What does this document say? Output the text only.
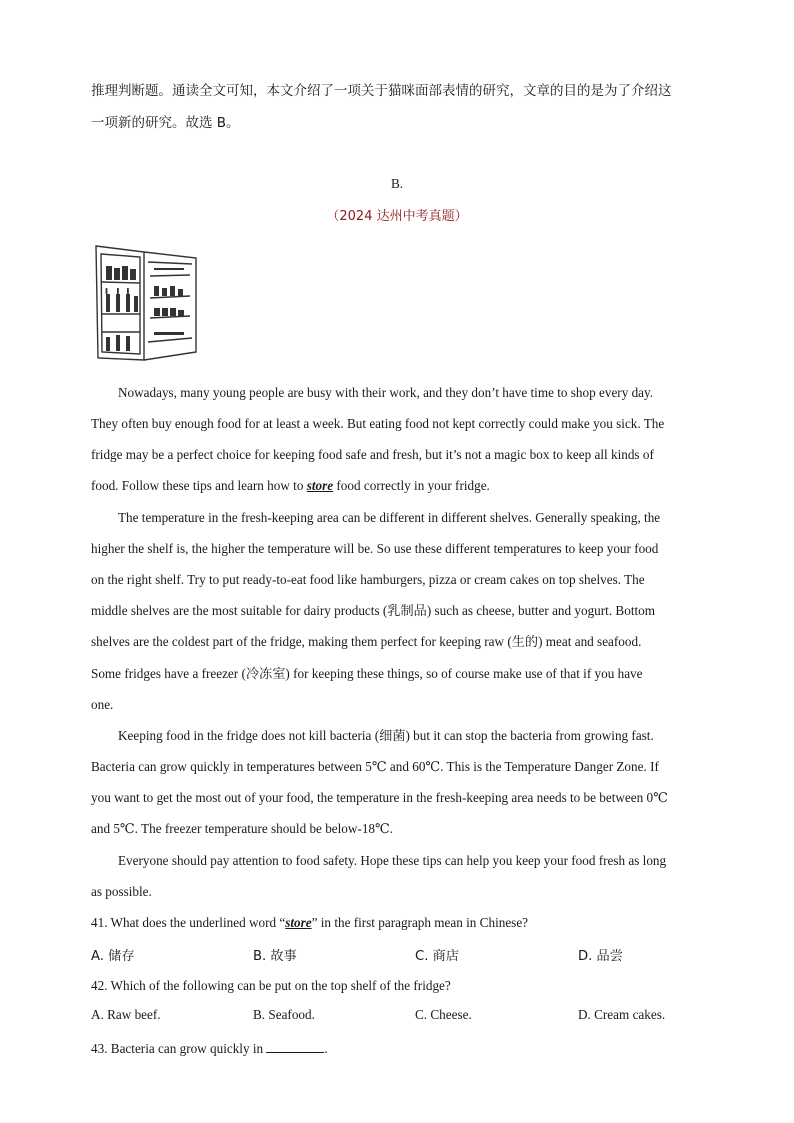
推理判断题。通读全文可知，本文介绍了一项关于猫咪面部表情的研究，文章的目的是为了介绍这
一项新的研究。故选 B。
B.
（2024 达州中考真题）
Nowadays, many young people are busy with their work, and they don’t have time to shop every day.
They often buy enough food for at least a week. But eating food not kept correctly could make you sick. The
fridge may be a perfect choice for keeping food safe and fresh, but it’s not a magic box to keep all kinds of
food. Follow these tips and learn how to store food correctly in your fridge.
The temperature in the fresh-keeping area can be different in different shelves. Generally speaking, the
higher the shelf is, the higher the temperature will be. So use these different temperatures to keep your food
on the right shelf. Try to put ready-to-eat food like hamburgers, pizza or cream cakes on top shelves. The
middle shelves are the most suitable for dairy products (乳制品) such as cheese, butter and yogurt. Bottom
shelves are the coldest part of the fridge, making them perfect for keeping raw (生的) meat and seafood.
Some fridges have a freezer (冷冻室) for keeping these things, so of course make use of that if you have
one.
Keeping food in the fridge does not kill bacteria (细菌) but it can stop the bacteria from growing fast.
Bacteria can grow quickly in temperatures between 5℃ and 60℃. This is the Temperature Danger Zone. If
you want to get the most out of your food, the temperature in the fresh-keeping area needs to be between 0℃
and 5℃. The freezer temperature should be below-18℃.
Everyone should pay attention to food safety. Hope these tips can help you keep your food fresh as long
as possible.
41. What does the underlined word “store” in the first paragraph mean in Chinese?
A. 储存	B. 故事	C. 商店	D. 品尝
42. Which of the following can be put on the top shelf of the fridge?
A. Raw beef.	B. Seafood.	C. Cheese.	D. Cream cakes.
43. Bacteria can grow quickly in	.
